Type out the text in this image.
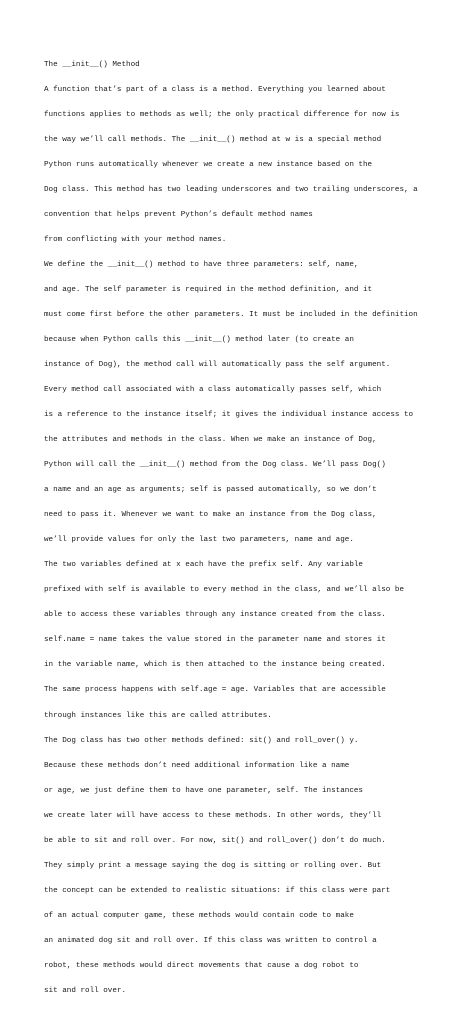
The __init__() Method

A function that’s part of a class is a method. Everything you learned about

functions applies to methods as well; the only practical difference for now is

the way we’ll call methods. The __init__() method at w is a special method

Python runs automatically whenever we create a new instance based on the

Dog class. This method has two leading underscores and two trailing underscores, a

convention that helps prevent Python’s default method names

from conflicting with your method names.

We define the __init__() method to have three parameters: self, name,

and age. The self parameter is required in the method definition, and it

must come first before the other parameters. It must be included in the definition

because when Python calls this __init__() method later (to create an

instance of Dog), the method call will automatically pass the self argument.

Every method call associated with a class automatically passes self, which

is a reference to the instance itself; it gives the individual instance access to

the attributes and methods in the class. When we make an instance of Dog,

Python will call the __init__() method from the Dog class. We’ll pass Dog()

a name and an age as arguments; self is passed automatically, so we don’t

need to pass it. Whenever we want to make an instance from the Dog class,

we’ll provide values for only the last two parameters, name and age.

The two variables defined at x each have the prefix self. Any variable

prefixed with self is available to every method in the class, and we’ll also be

able to access these variables through any instance created from the class.

self.name = name takes the value stored in the parameter name and stores it

in the variable name, which is then attached to the instance being created.

The same process happens with self.age = age. Variables that are accessible

through instances like this are called attributes.

The Dog class has two other methods defined: sit() and roll_over() y.

Because these methods don’t need additional information like a name

or age, we just define them to have one parameter, self. The instances

we create later will have access to these methods. In other words, they’ll

be able to sit and roll over. For now, sit() and roll_over() don’t do much.

They simply print a message saying the dog is sitting or rolling over. But

the concept can be extended to realistic situations: if this class were part

of an actual computer game, these methods would contain code to make

an animated dog sit and roll over. If this class was written to control a

robot, these methods would direct movements that cause a dog robot to

sit and roll over.
